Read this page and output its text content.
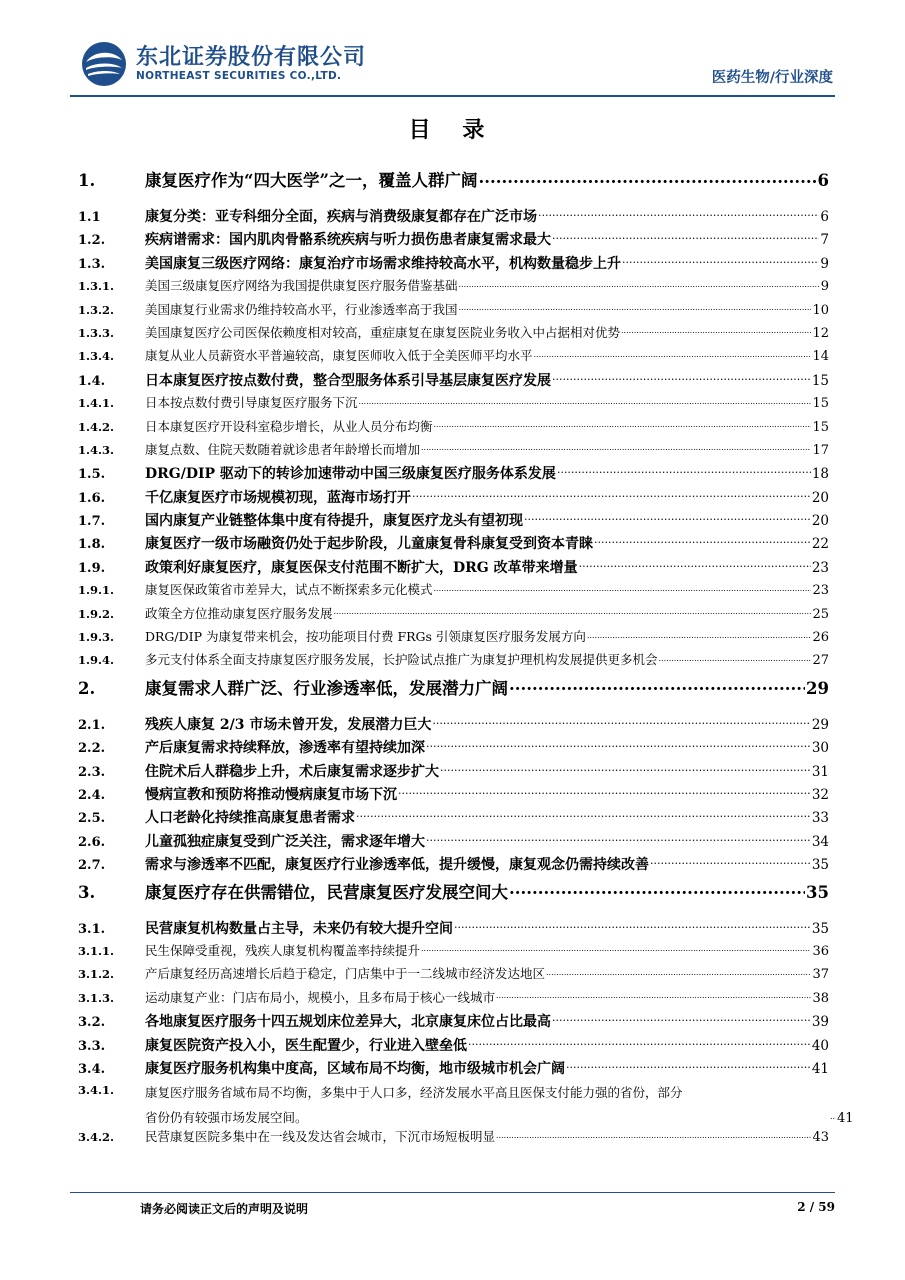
东北证券股份有限公司
NORTHEAST SECURITIES CO.,LTD.	医药生物/行业深度
目 录
1.	康复医疗作为“四大医学”之一，覆盖人群广阔 .....	6
1.1	康复分类：亚专科细分全面，疾病与消费级康复都存在广泛市场 .....	6
1.2.	疾病谱需求：国内肌肉骨骼系统疾病与听力损伤患者康复需求最大 .....	7
1.3.	美国康复三级医疗网络：康复治疗市场需求维持较高水平，机构数量稳步上升 .....	9
1.3.1.	美国三级康复医疗网络为我国提供康复医疗服务借鉴基础 .....	9
1.3.2.	美国康复行业需求仍维持较高水平，行业渗透率高于我国 .....	10
1.3.3.	美国康复医疗公司医保依赖度相对较高，重症康复在康复医院业务收入中占据相对优势 .....	12
1.3.4.	康复从业人员薪资水平普遍较高，康复医师收入低于全美医师平均水平 .....	14
1.4.	日本康复医疗按点数付费，整合型服务体系引导基层康复医疗发展 .....	15
1.4.1.	日本按点数付费引导康复医疗服务下沉 .....	15
1.4.2.	日本康复医疗开设科室稳步增长，从业人员分布均衡 .....	15
1.4.3.	康复点数、住院天数随着就诊患者年龄增长而增加 .....	17
1.5.	DRG/DIP 驱动下的转诊加速带动中国三级康复医疗服务体系发展 .....	18
1.6.	千亿康复医疗市场规模初现，蓝海市场打开 .....	20
1.7.	国内康复产业链整体集中度有待提升，康复医疗龙头有望初现 .....	20
1.8.	康复医疗一级市场融资仍处于起步阶段，儿童康复骨科康复受到资本青睐 .....	22
1.9.	政策利好康复医疗，康复医保支付范围不断扩大，DRG 改革带来增量 .....	23
1.9.1.	康复医保政策省市差异大，试点不断探索多元化模式 .....	23
1.9.2.	政策全方位推动康复医疗服务发展 .....	25
1.9.3.	DRG/DIP 为康复带来机会，按功能项目付费 FRGs 引领康复医疗服务发展方向 .....	26
1.9.4.	多元支付体系全面支持康复医疗服务发展，长护险试点推广为康复护理机构发展提供更多机会 .....	27
2.	康复需求人群广泛、行业渗透率低，发展潜力广阔 .....	29
2.1.	残疾人康复 2/3 市场未曾开发，发展潜力巨大 .....	29
2.2.	产后康复需求持续释放，渗透率有望持续加深 .....	30
2.3.	住院术后人群稳步上升，术后康复需求逐步扩大 .....	31
2.4.	慢病宣教和预防将推动慢病康复市场下沉 .....	32
2.5.	人口老龄化持续推高康复患者需求 .....	33
2.6.	儿童孤独症康复受到广泛关注，需求逐年增大 .....	34
2.7.	需求与渗透率不匹配，康复医疗行业渗透率低，提升缓慢，康复观念仍需持续改善 .....	35
3.	康复医疗存在供需错位，民营康复医疗发展空间大 .....	35
3.1.	民营康复机构数量占主导，未来仍有较大提升空间 .....	35
3.1.1.	民生保障受重视，残疾人康复机构覆盖率持续提升 .....	36
3.1.2.	产后康复经历高速增长后趋于稳定，门店集中于一二线城市经济发达地区 .....	37
3.1.3.	运动康复产业：门店布局小，规模小，且多布局于核心一线城市 .....	38
3.2.	各地康复医疗服务十四五规划床位差异大，北京康复床位占比最高 .....	39
3.3.	康复医院资产投入小，医生配置少，行业进入壁垒低 .....	40
3.4.	康复医疗服务机构集中度高，区域布局不均衡，地市级城市机会广阔 .....	41
3.4.1.	康复医疗服务省域布局不均衡，多集中于人口多，经济发展水平高且医保支付能力强的省份，部分
省份仍有较强市场发展空间。 .....	41
3.4.2.	民营康复医院多集中在一线及发达省会城市，下沉市场短板明显 .....	43
请务必阅读正文后的声明及说明	2 / 59
